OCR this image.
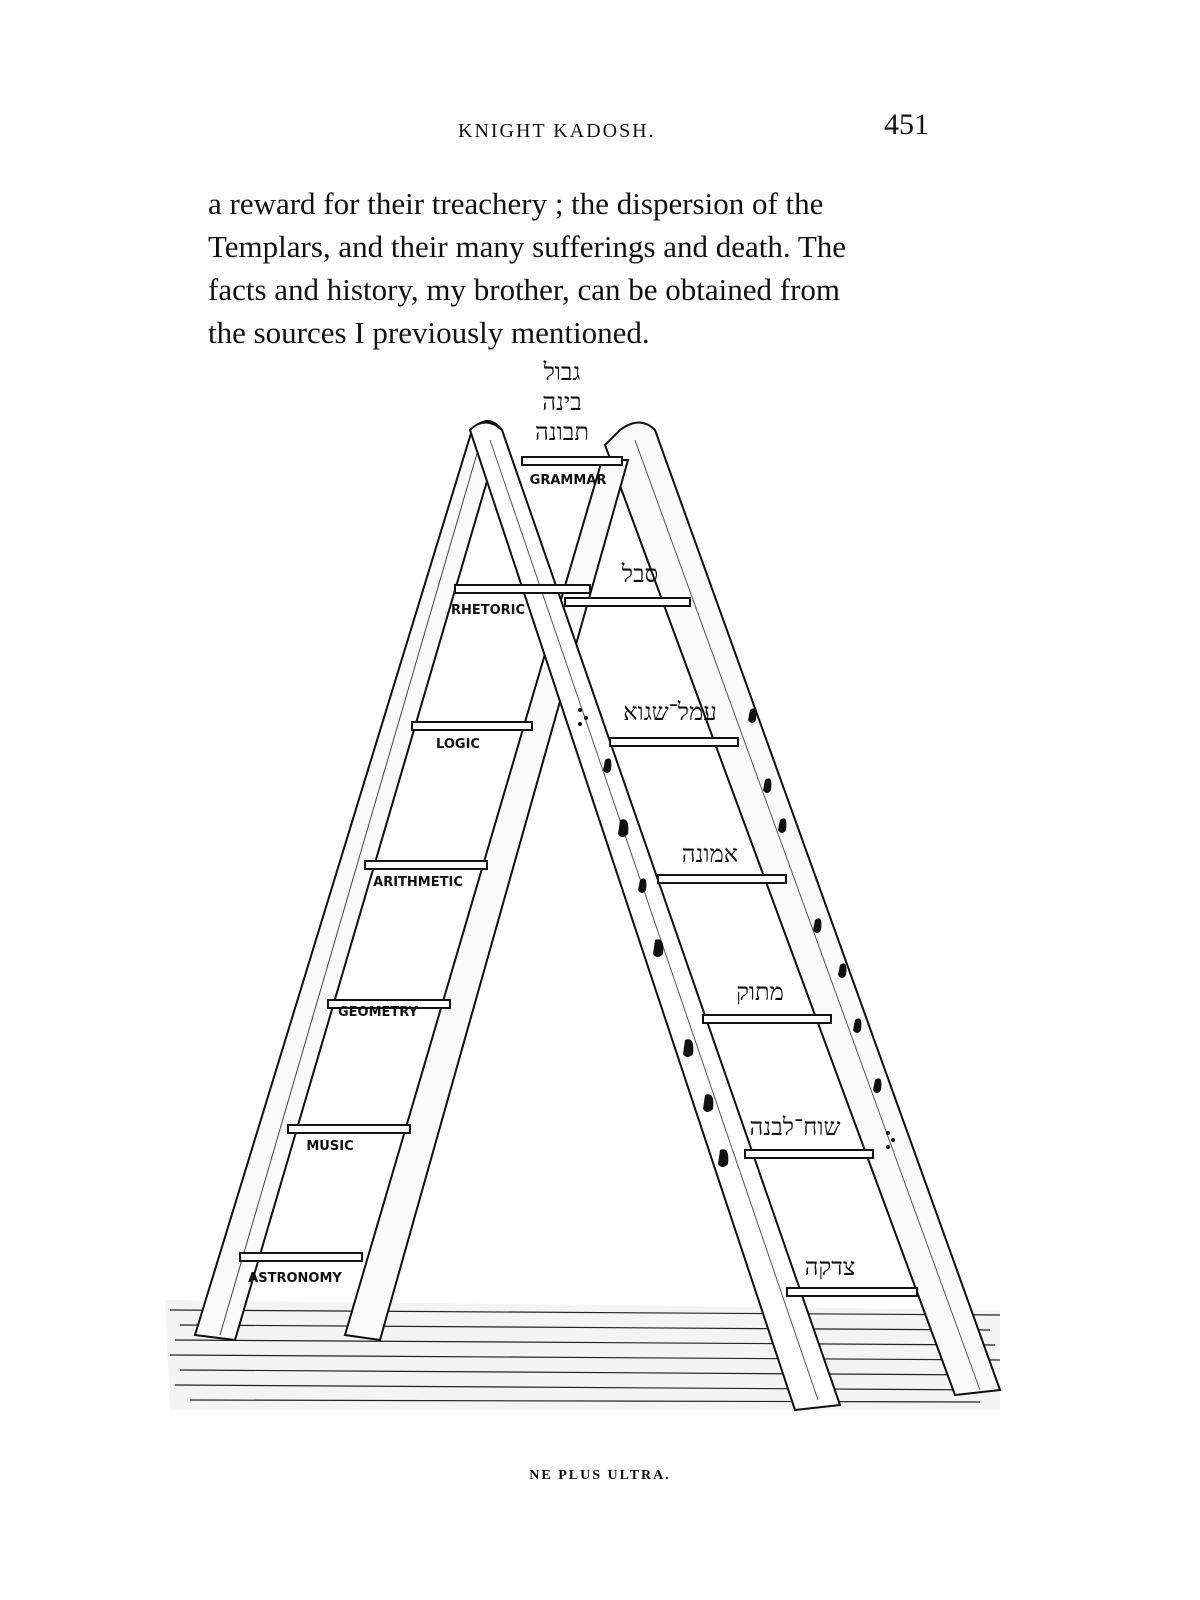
KNIGHT KADOSH.	451
a reward for their treachery ; the dispersion of the
Templars, and their many sufferings and death. The
facts and history, my brother, can be obtained from
the sources I previously mentioned.
גבול
בינה
תבונה
GRAMMAR
RHETORIC
LOGIC
ARITHMETIC
GEOMETRY
MUSIC
ASTRONOMY
סבל
עמל־שגוא
אמונה
מתוק
שוח־לבנה
צדקה
NE PLUS ULTRA.
